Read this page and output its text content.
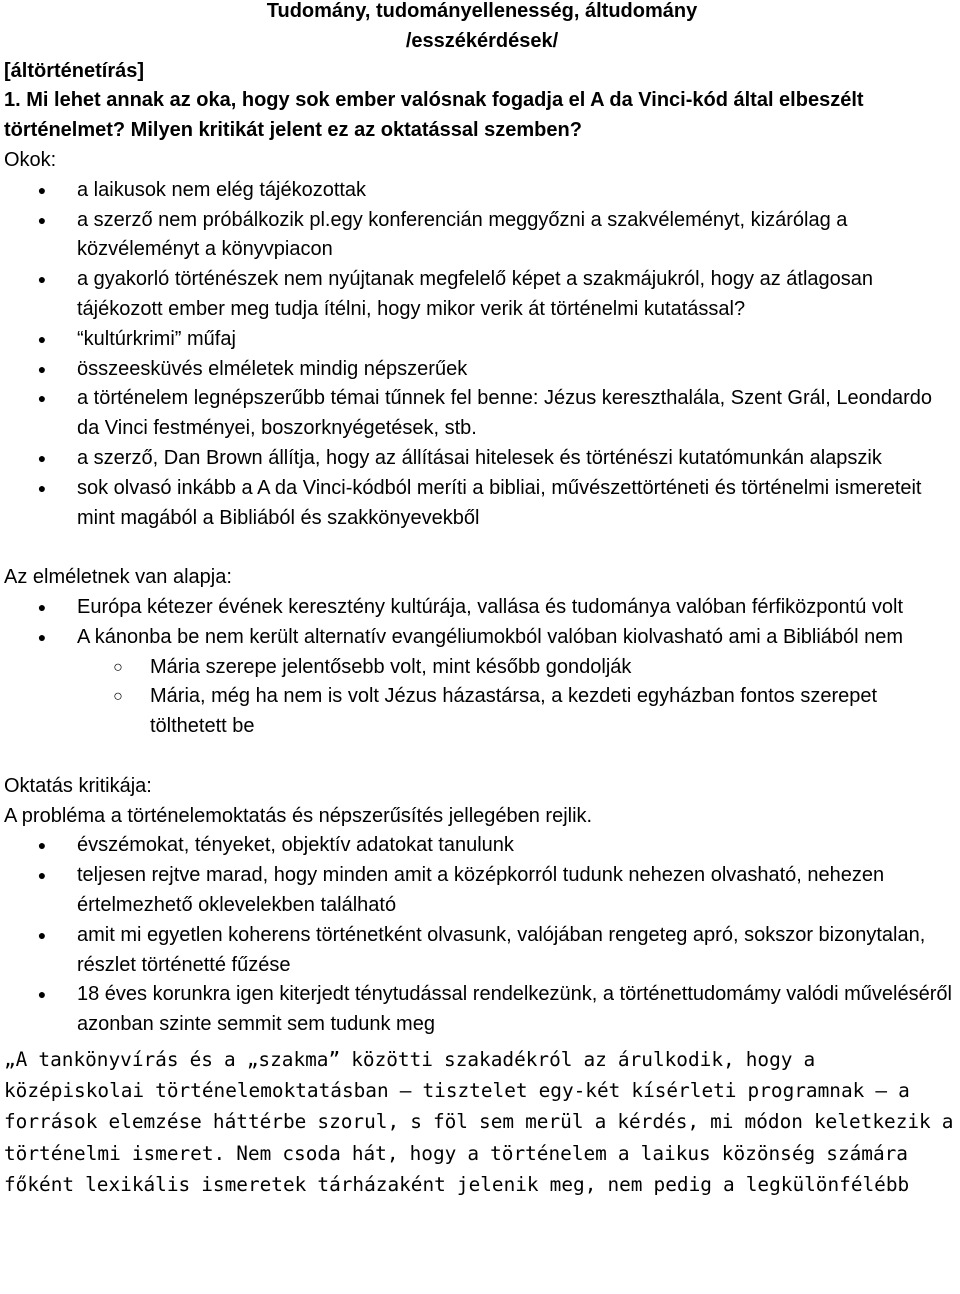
Tudomány, tudományellenesség, áltudomány

/esszékérdések/

[áltörténetírás]

1. Mi lehet annak az oka, hogy sok ember valósnak fogadja el A da Vinci-kód által elbeszélt történelmet? Milyen kritikát jelent ez az oktatással szemben?

Okok:

● a laikusok nem elég tájékozottak
● a szerző nem próbálkozik pl.egy konferencián meggyőzni a szakvéleményt, kizárólag a közvéleményt a könyvpiacon
● a gyakorló történészek nem nyújtanak megfelelő képet a szakmájukról, hogy az átlagosan tájékozott ember meg tudja ítélni, hogy mikor verik át történelmi kutatással?
● “kultúrkrimi” műfaj
● összeesküvés elméletek mindig népszerűek
● a történelem legnépszerűbb témai tűnnek fel benne: Jézus kereszthalála, Szent Grál, Leondardo da Vinci festményei, boszorknyégetések, stb.
● a szerző, Dan Brown állítja, hogy az állításai hitelesek és történészi kutatómunkán alapszik
● sok olvasó inkább a A da Vinci-kódból meríti a bibliai, művészettörténeti és történelmi ismereteit mint magából a Bibliából és szakkönyevekből

Az elméletnek van alapja:

● Európa kétezer évének keresztény kultúrája, vallása és tudománya valóban férfiközpontú volt
● A kánonba be nem került alternatív evangéliumokból valóban kiolvasható ami a Bibliából nem
○ Mária szerepe jelentősebb volt, mint később gondolják
○ Mária, még ha nem is volt Jézus házastársa, a kezdeti egyházban fontos szerepet tölthetett be

Oktatás kritikája:

A probléma a történelemoktatás és népszerűsítés jellegében rejlik.

● évszémokat, tényeket, objektív adatokat tanulunk
● teljesen rejtve marad, hogy minden amit a középkorról tudunk nehezen olvasható, nehezen értelmezhető oklevelekben található
● amit mi egyetlen koherens történetként olvasunk, valójában rengeteg apró, sokszor bizonytalan, részlet történetté fűzése
● 18 éves korunkra igen kiterjedt ténytudással rendelkezünk, a történettudomámy valódi műveléséről azonban szinte semmit sem tudunk meg

„A tankönyvírás és a „szakma” közötti szakadékról az árulkodik, hogy a középiskolai történelemoktatásban – tisztelet egy-két kísérleti programnak – a források elemzése háttérbe szorul, s föl sem merül a kérdés, mi módon keletkezik a történelmi ismeret. Nem csoda hát, hogy a történelem a laikus közönség számára főként lexikális ismeretek tárházaként jelenik meg, nem pedig a legkülönfélébb
